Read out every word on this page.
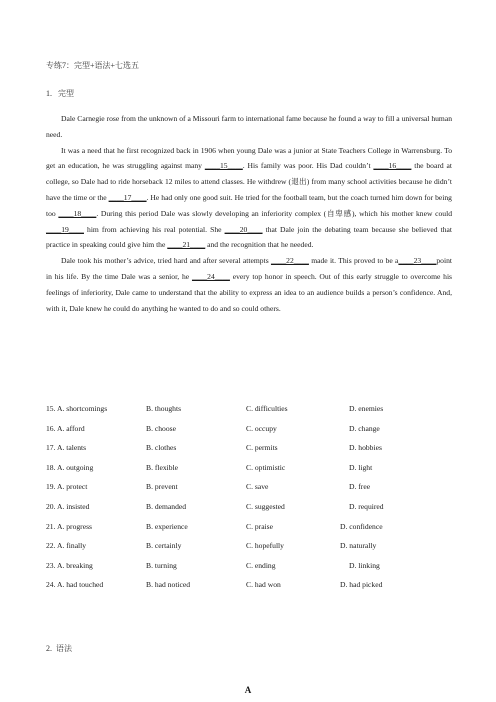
专练7：完型+语法+七选五
1.   完型

Dale Carnegie rose from the unknown of a Missouri farm to international fame because he found a way to fill a universal human need.

It was a need that he first recognized back in 1906 when young Dale was a junior at State Teachers College in Warrensburg. To get an education, he was struggling against many ____15____. His family was poor. His Dad couldn’t ____16____ the board at college, so Dale had to ride horseback 12 miles to attend classes. He withdrew (退出) from many school activities because he didn’t have the time or the ____17____. He had only one good suit. He tried for the football team, but the coach turned him down for being too ____18____. During this period Dale was slowly developing an inferiority complex (自卑感), which his mother knew could ____19____ him from achieving his real potential. She ____20____ that Dale join the debating team because she believed that practice in speaking could give him the ____21____ and the recognition that he needed.

Dale took his mother’s advice, tried hard and after several attempts ____22____ made it. This proved to be a____23____point in his life. By the time Dale was a senior, he ____24____ every top honor in speech. Out of this early struggle to overcome his feelings of inferiority, Dale came to understand that the ability to express an idea to an audience builds a person’s confidence. And, with it, Dale knew he could do anything he wanted to do and so could others.

15. A. shortcomings	B. thoughts	C. difficulties	D. enemies
16. A. afford	B. choose	C. occupy	D. change
17. A. talents	B. clothes	C. permits	D. hobbies
18. A. outgoing	B. flexible	C. optimistic	D. light
19. A. protect	B. prevent	C. save	D. free
20. A. insisted	B. demanded	C. suggested	D. required
21. A. progress	B. experience	C. praise	D. confidence
22. A. finally	B. certainly	C. hopefully	D. naturally
23. A. breaking	B. turning	C. ending	D. linking
24. A. had touched	B. had noticed	C. had won	D. had picked
2.  语法
A
